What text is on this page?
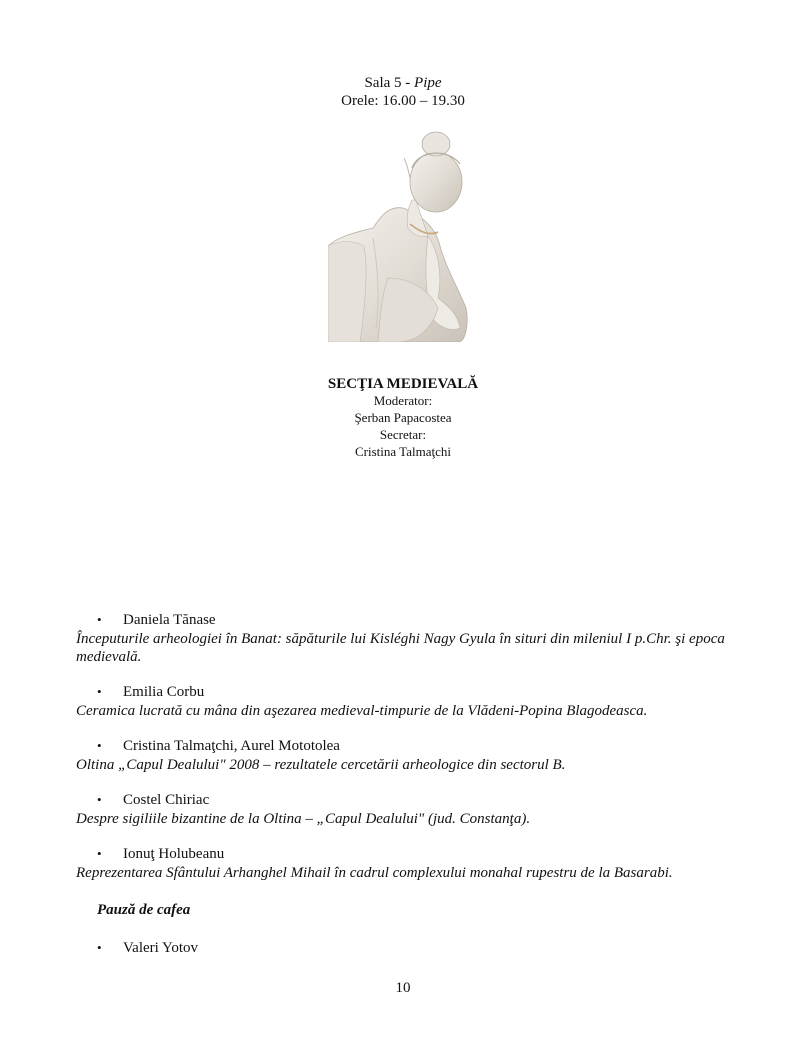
Sala 5 - Pipe
Orele: 16.00 – 19.30
SECŢIA MEDIEVALĂ
Moderator:
Şerban Papacostea
Secretar:
Cristina Talmaţchi
• Daniela Tănase
Începuturile arheologiei în Banat: săpăturile lui Kisléghi Nagy Gyula în situri din mileniul I p.Chr. şi epoca
medievală.
• Emilia Corbu
Ceramica lucrată cu mâna din aşezarea medieval-timpurie de la Vlădeni-Popina Blagodeasca.
• Cristina Talmaţchi, Aurel Mototolea
Oltina „Capul Dealului" 2008 – rezultatele cercetării arheologice din sectorul B.
• Costel Chiriac
Despre sigiliile bizantine de la Oltina – „Capul Dealului" (jud. Constanţa).
• Ionuţ Holubeanu
Reprezentarea Sfântului Arhanghel Mihail în cadrul complexului monahal rupestru de la Basarabi.
Pauză de cafea
• Valeri Yotov
10
